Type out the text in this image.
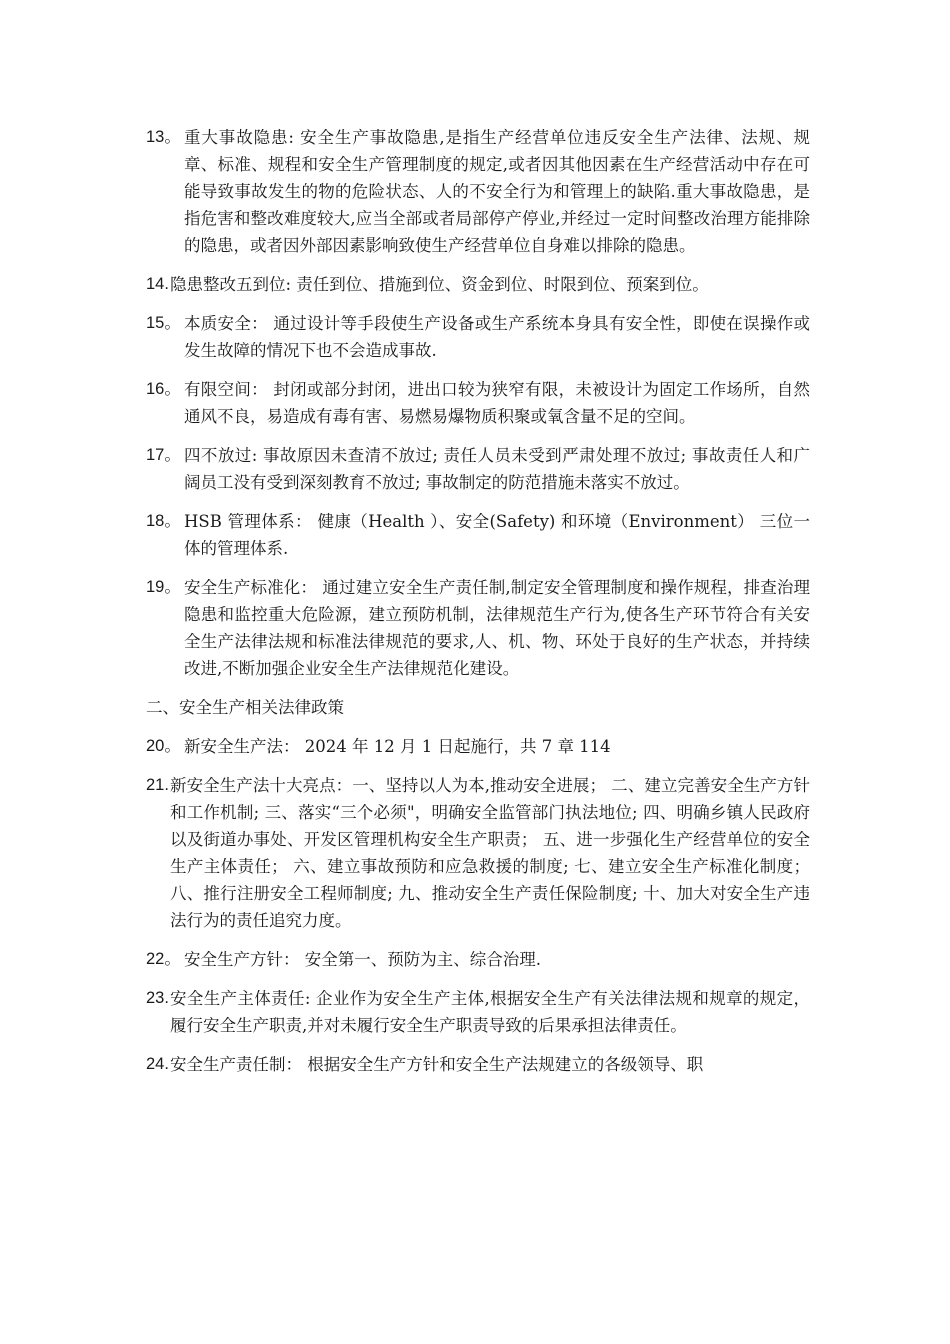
13。 重大事故隐患: 安全生产事故隐患,是指生产经营单位违反安全生产法律、法规、规章、标准、规程和安全生产管理制度的规定,或者因其他因素在生产经营活动中存在可能导致事故发生的物的危险状态、人的不安全行为和管理上的缺陷.重大事故隐患，是指危害和整改难度较大,应当全部或者局部停产停业,并经过一定时间整改治理方能排除的隐患，或者因外部因素影响致使生产经营单位自身难以排除的隐患。
14. 隐患整改五到位: 责任到位、措施到位、资金到位、时限到位、预案到位。
15。 本质安全： 通过设计等手段使生产设备或生产系统本身具有安全性，即使在误操作或发生故障的情况下也不会造成事故.
16。 有限空间： 封闭或部分封闭，进出口较为狭窄有限，未被设计为固定工作场所，自然通风不良，易造成有毒有害、易燃易爆物质积聚或氧含量不足的空间。
17。 四不放过: 事故原因未查清不放过; 责任人员未受到严肃处理不放过; 事故责任人和广阔员工没有受到深刻教育不放过; 事故制定的防范措施未落实不放过。
18。 HSB 管理体系： 健康（Health ）、安全(Safety) 和环境（Environment） 三位一体的管理体系.
19。 安全生产标准化： 通过建立安全生产责任制,制定安全管理制度和操作规程，排查治理隐患和监控重大危险源，建立预防机制，法律规范生产行为,使各生产环节符合有关安全生产法律法规和标准法律规范的要求,人、机、物、环处于良好的生产状态，并持续改进,不断加强企业安全生产法律规范化建设。
二、安全生产相关法律政策
20。 新安全生产法： 2024 年 12 月 1 日起施行，共 7 章 114
21. 新安全生产法十大亮点：一、坚持以人为本,推动安全进展； 二、建立完善安全生产方针和工作机制; 三、落实“三个必须"，明确安全监管部门执法地位; 四、明确乡镇人民政府以及街道办事处、开发区管理机构安全生产职责； 五、进一步强化生产经营单位的安全生产主体责任； 六、建立事故预防和应急救援的制度; 七、建立安全生产标准化制度； 八、推行注册安全工程师制度; 九、推动安全生产责任保险制度; 十、加大对安全生产违法行为的责任追究力度。
22。 安全生产方针： 安全第一、预防为主、综合治理.
23. 安全生产主体责任: 企业作为安全生产主体,根据安全生产有关法律法规和规章的规定，履行安全生产职责,并对未履行安全生产职责导致的后果承担法律责任。
24. 安全生产责任制： 根据安全生产方针和安全生产法规建立的各级领导、职
